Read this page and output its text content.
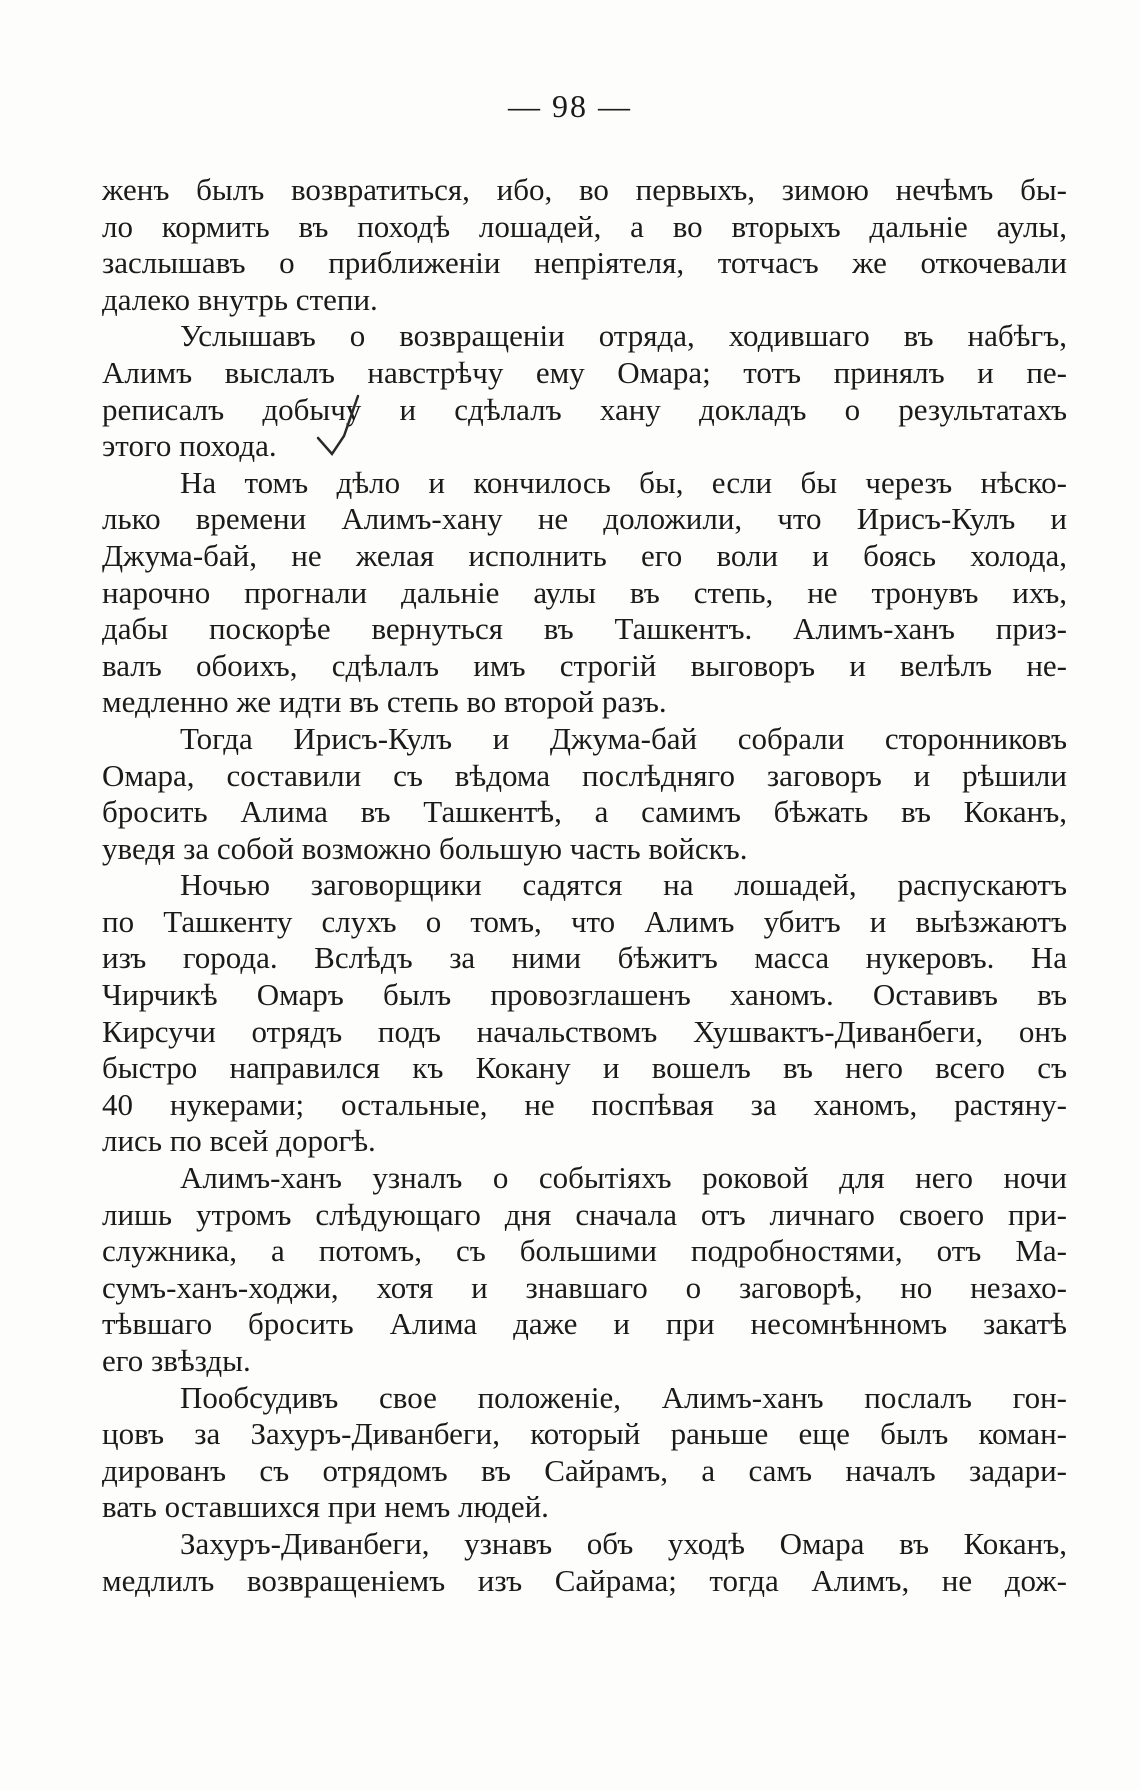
— 98 —
женъ былъ возвратиться, ибо, во первыхъ, зимою нечѣмъ бы-
ло кормить въ походѣ лошадей, а во вторыхъ дальніе аулы,
заслышавъ о приближеніи непріятеля, тотчасъ же откочевали
далеко внутрь степи.
Услышавъ о возвращеніи отряда, ходившаго въ набѣгъ,
Алимъ выслалъ навстрѣчу ему Омара; тотъ принялъ и пе-
реписалъ добычу и сдѣлалъ хану докладъ о результатахъ
этого похода.
На томъ дѣло и кончилось бы, если бы черезъ нѣско-
лько времени Алимъ-хану не доложили, что Ирисъ-Кулъ и
Джума-бай, не желая исполнить его воли и боясь холода,
нарочно прогнали дальніе аулы въ степь, не тронувъ ихъ,
дабы поскорѣе вернуться въ Ташкентъ. Алимъ-ханъ приз-
валъ обоихъ, сдѣлалъ имъ строгій выговоръ и велѣлъ не-
медленно же идти въ степь во второй разъ.
Тогда Ирисъ-Кулъ и Джума-бай собрали сторонниковъ
Омара, составили съ вѣдома послѣдняго заговоръ и рѣшили
бросить Алима въ Ташкентѣ, а самимъ бѣжать въ Коканъ,
уведя за собой возможно большую часть войскъ.
Ночью заговорщики садятся на лошадей, распускаютъ
по Ташкенту слухъ о томъ, что Алимъ убитъ и выѣзжаютъ
изъ города. Вслѣдъ за ними бѣжитъ масса нукеровъ. На
Чирчикѣ Омаръ былъ провозглашенъ ханомъ. Оставивъ въ
Кирсучи отрядъ подъ начальствомъ Хушвактъ-Диванбеги, онъ
быстро направился къ Кокану и вошелъ въ него всего съ
40 нукерами; остальные, не поспѣвая за ханомъ, растяну-
лись по всей дорогѣ.
Алимъ-ханъ узналъ о событіяхъ роковой для него ночи
лишь утромъ слѣдующаго дня сначала отъ личнаго своего при-
служника, а потомъ, съ большими подробностями, отъ Ма-
сумъ-ханъ-ходжи, хотя и знавшаго о заговорѣ, но незахо-
тѣвшаго бросить Алима даже и при несомнѣнномъ закатѣ
его звѣзды.
Пообсудивъ свое положеніе, Алимъ-ханъ послалъ гон-
цовъ за Захуръ-Диванбеги, который раньше еще былъ коман-
дированъ съ отрядомъ въ Сайрамъ, а самъ началъ задари-
вать оставшихся при немъ людей.
Захуръ-Диванбеги, узнавъ объ уходѣ Омара въ Коканъ,
медлилъ возвращеніемъ изъ Сайрама; тогда Алимъ, не дож-
